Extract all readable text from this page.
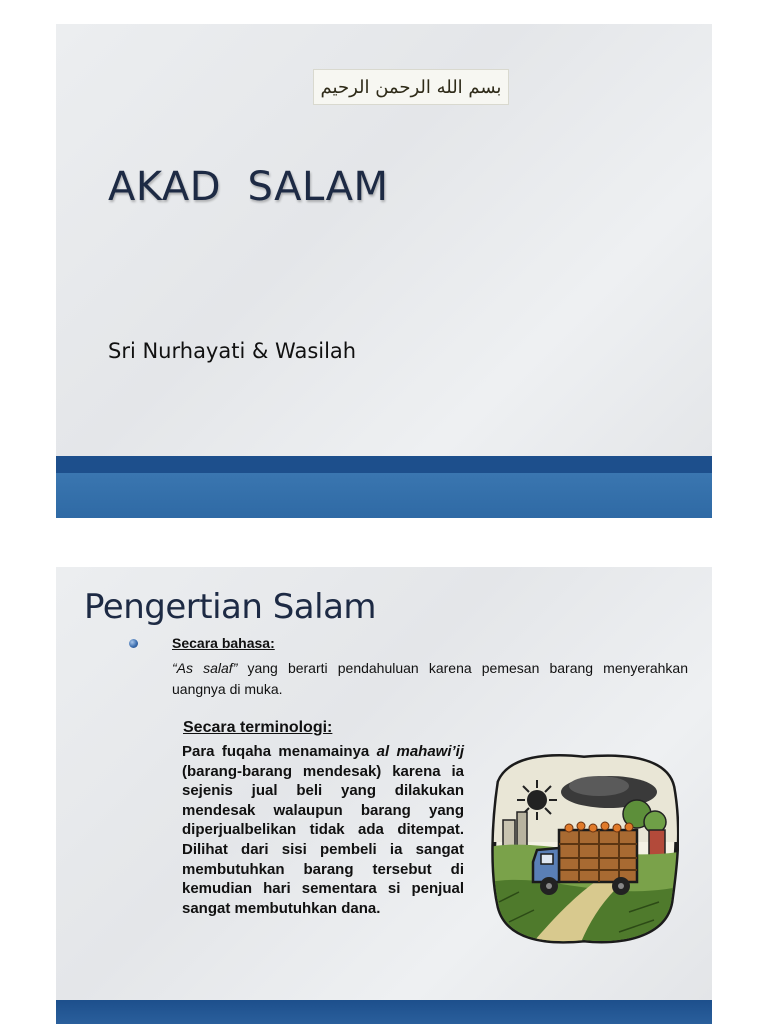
بسم الله الرحمن الرحيم
AKAD  SALAM
Sri Nurhayati & Wasilah
Pengertian Salam
Secara bahasa:
“As salaf” yang berarti pendahuluan karena pemesan barang menyerahkan uangnya di muka.
Secara terminologi:
Para fuqaha menamainya al mahawi’ij (barang-barang mendesak) karena ia sejenis jual beli yang dilakukan mendesak walaupun barang yang diperjualbelikan tidak ada ditempat. Dilihat dari sisi pembeli ia sangat membutuhkan barang tersebut di kemudian hari sementara si penjual sangat membutuhkan dana.
